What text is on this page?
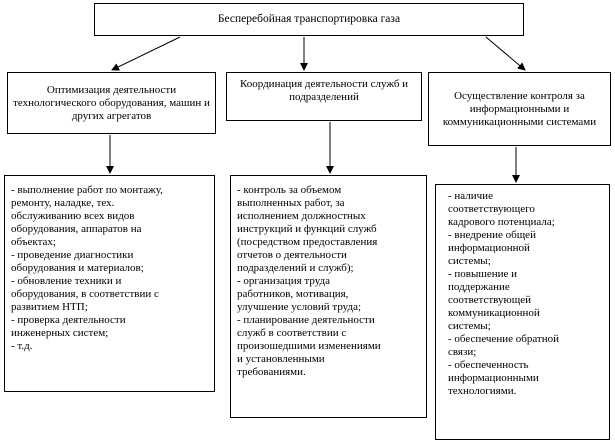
Бесперебойная транспортировка газа
Оптимизация деятельности технологического оборудования, машин и других агрегатов
Координация деятельности служб и подразделений	Осуществление контроля за информационными и коммуникационными системами
- выполнение работ по монтажу,
ремонту, наладке, тех.
обслуживанию всех видов
оборудования, аппаратов на
объектах;
- проведение диагностики
оборудования и материалов;
- обновление техники и
оборудования, в соответствии с
развитием НТП;
- проверка деятельности
инженерных систем;
- т.д.
- контроль за объемом
выполненных работ, за
исполнением должностных
инструкций и функций служб
(посредством предоставления
отчетов о деятельности
подразделений и служб);
- организация труда
работников, мотивация,
улучшение условий труда;
- планирование деятельности
служб в соответствии с
произошедшими изменениями
и установленными
требованиями.
- наличие
соответствующего
кадрового потенциала;
- внедрение общей
информационной
системы;
- повышение и
поддержание
соответствующей
коммуникационной
системы;
- обеспечение обратной
связи;
- обеспеченность
информационными
технологиями.
